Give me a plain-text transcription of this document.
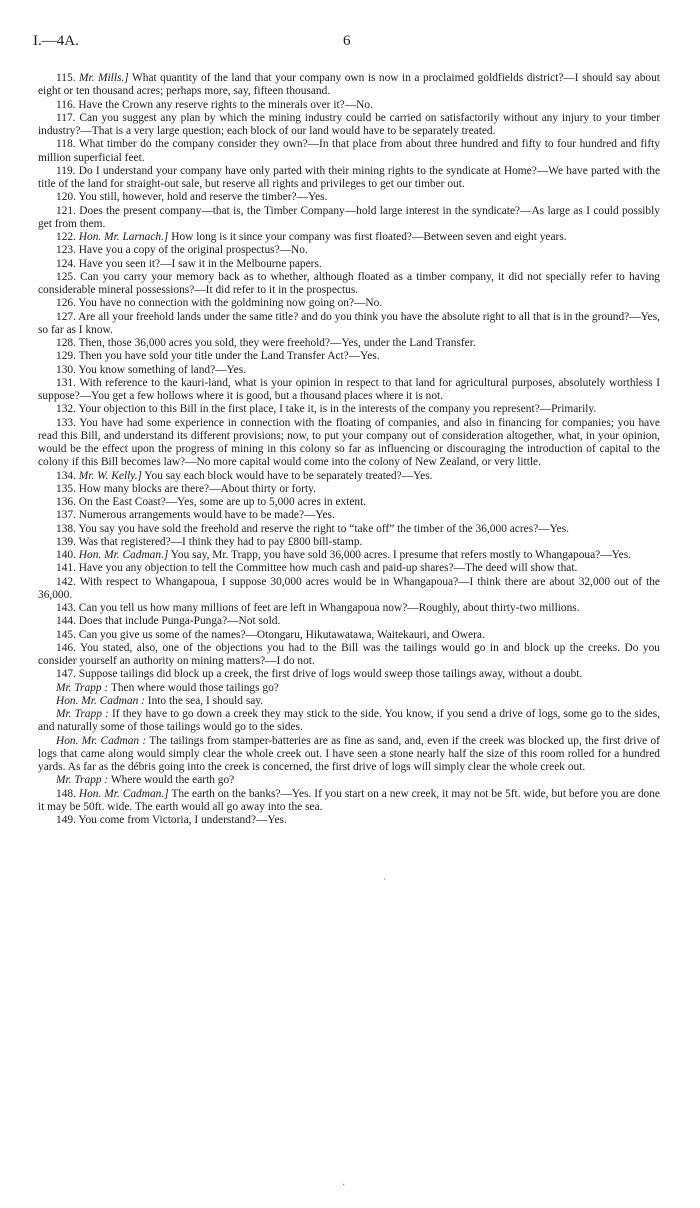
I.—4A.	6

115. Mr. Mills.] What quantity of the land that your company own is now in a proclaimed goldfields district?—I should say about eight or ten thousand acres; perhaps more, say, fifteen thousand.

116. Have the Crown any reserve rights to the minerals over it?—No.

117. Can you suggest any plan by which the mining industry could be carried on satisfactorily without any injury to your timber industry?—That is a very large question; each block of our land would have to be separately treated.

118. What timber do the company consider they own?—In that place from about three hundred and fifty to four hundred and fifty million superficial feet.

119. Do I understand your company have only parted with their mining rights to the syndicate at Home?—We have parted with the title of the land for straight-out sale, but reserve all rights and privileges to get our timber out.

120. You still, however, hold and reserve the timber?—Yes.

121. Does the present company—that is, the Timber Company—hold large interest in the syndicate?—As large as I could possibly get from them.

122. Hon. Mr. Larnach.] How long is it since your company was first floated?—Between seven and eight years.

123. Have you a copy of the original prospectus?—No.

124. Have you seen it?—I saw it in the Melbourne papers.

125. Can you carry your memory back as to whether, although floated as a timber company, it did not specially refer to having considerable mineral possessions?—It did refer to it in the prospectus.

126. You have no connection with the goldmining now going on?—No.

127. Are all your freehold lands under the same title? and do you think you have the absolute right to all that is in the ground?—Yes, so far as I know.

128. Then, those 36,000 acres you sold, they were freehold?—Yes, under the Land Transfer.

129. Then you have sold your title under the Land Transfer Act?—Yes.

130. You know something of land?—Yes.

131. With reference to the kauri-land, what is your opinion in respect to that land for agricultural purposes, absolutely worthless I suppose?—You get a few hollows where it is good, but a thousand places where it is not.

132. Your objection to this Bill in the first place, I take it, is in the interests of the company you represent?—Primarily.

133. You have had some experience in connection with the floating of companies, and also in financing for companies; you have read this Bill, and understand its different provisions; now, to put your company out of consideration altogether, what, in your opinion, would be the effect upon the progress of mining in this colony so far as influencing or discouraging the introduction of capital to the colony if this Bill becomes law?—No more capital would come into the colony of New Zealand, or very little.

134. Mr. W. Kelly.] You say each block would have to be separately treated?—Yes.

135. How many blocks are there?—About thirty or forty.

136. On the East Coast?—Yes, some are up to 5,000 acres in extent.

137. Numerous arrangements would have to be made?—Yes.

138. You say you have sold the freehold and reserve the right to “take off” the timber of the 36,000 acres?—Yes.

139. Was that registered?—I think they had to pay £800 bill-stamp.

140. Hon. Mr. Cadman.] You say, Mr. Trapp, you have sold 36,000 acres. I presume that refers mostly to Whangapoua?—Yes.

141. Have you any objection to tell the Committee how much cash and paid-up shares?—The deed will show that.

142. With respect to Whangapoua, I suppose 30,000 acres would be in Whangapoua?—I think there are about 32,000 out of the 36,000.

143. Can you tell us how many millions of feet are left in Whangapoua now?—Roughly, about thirty-two millions.

144. Does that include Punga-Punga?—Not sold.

145. Can you give us some of the names?—Otongaru, Hikutawatawa, Waitekauri, and Owera.

146. You stated, also, one of the objections you had to the Bill was the tailings would go in and block up the creeks. Do you consider yourself an authority on mining matters?—I do not.

147. Suppose tailings did block up a creek, the first drive of logs would sweep those tailings away, without a doubt.

Mr. Trapp : Then where would those tailings go?

Hon. Mr. Cadman : Into the sea, I should say.

Mr. Trapp : If they have to go down a creek they may stick to the side. You know, if you send a drive of logs, some go to the sides, and naturally some of those tailings would go to the sides.

Hon. Mr. Cadman : The tailings from stamper-batteries are as fine as sand, and, even if the creek was blocked up, the first drive of logs that came along would simply clear the whole creek out. I have seen a stone nearly half the size of this room rolled for a hundred yards. As far as the débris going into the creek is concerned, the first drive of logs will simply clear the whole creek out.

Mr. Trapp : Where would the earth go?

148. Hon. Mr. Cadman.] The earth on the banks?—Yes. If you start on a new creek, it may not be 5ft. wide, but before you are done it may be 50ft. wide. The earth would all go away into the sea.

149. You come from Victoria, I understand?—Yes.

´
·
